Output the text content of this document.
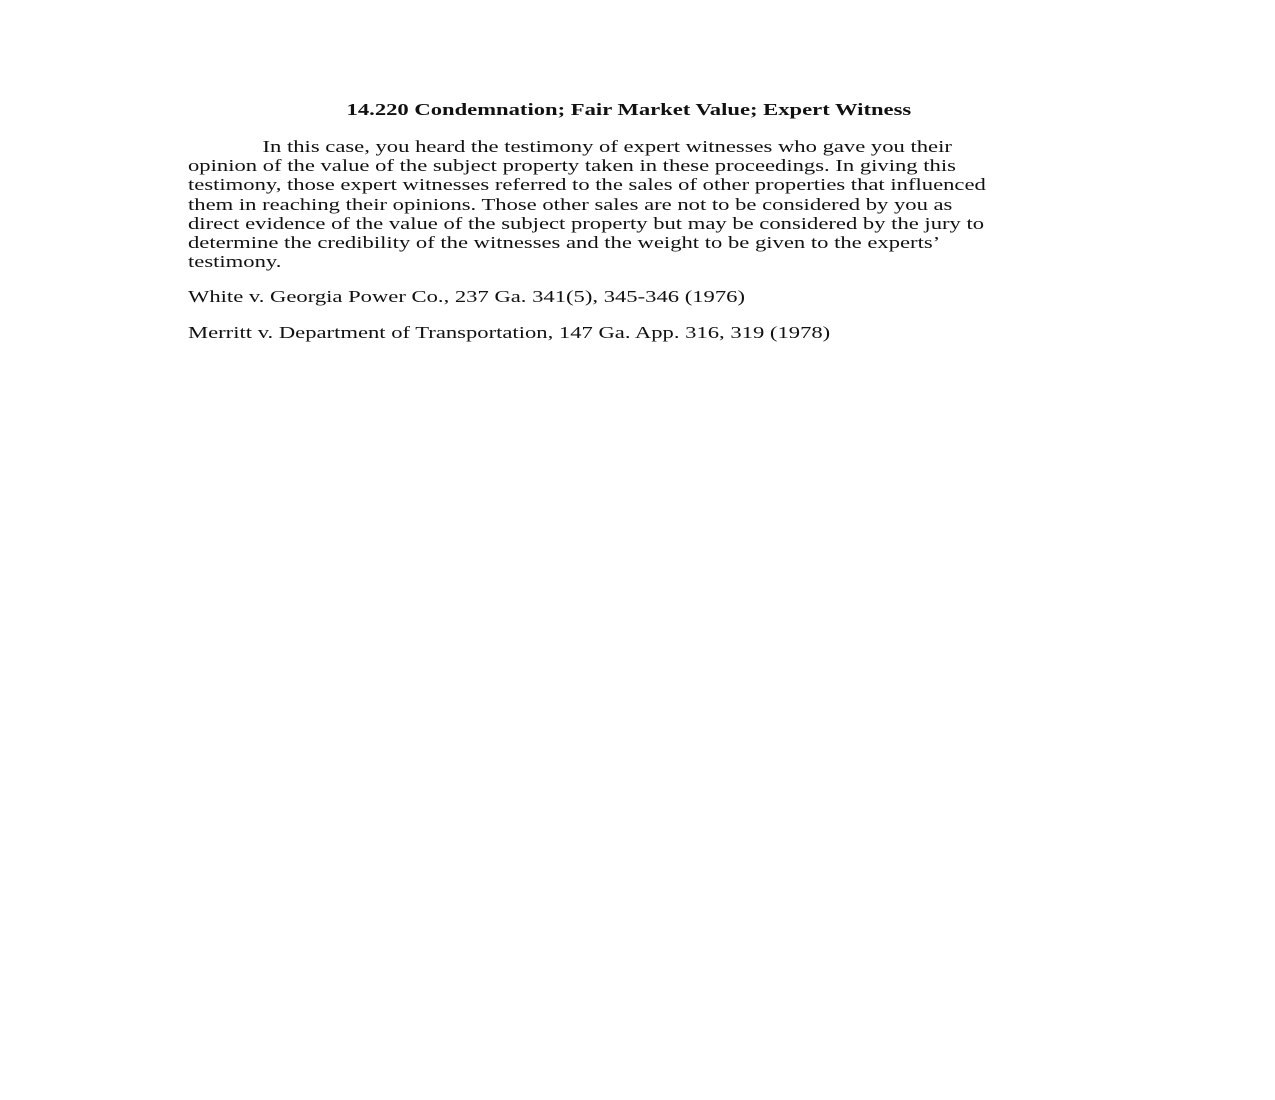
14.220 Condemnation; Fair Market Value; Expert Witness
In this case, you heard the testimony of expert witnesses who gave you their
opinion of the value of the subject property taken in these proceedings. In giving this
testimony, those expert witnesses referred to the sales of other properties that influenced
them in reaching their opinions. Those other sales are not to be considered by you as
direct evidence of the value of the subject property but may be considered by the jury to
determine the credibility of the witnesses and the weight to be given to the experts’
testimony.
White v. Georgia Power Co., 237 Ga. 341(5), 345-346 (1976)
Merritt v. Department of Transportation, 147 Ga. App. 316, 319 (1978)
